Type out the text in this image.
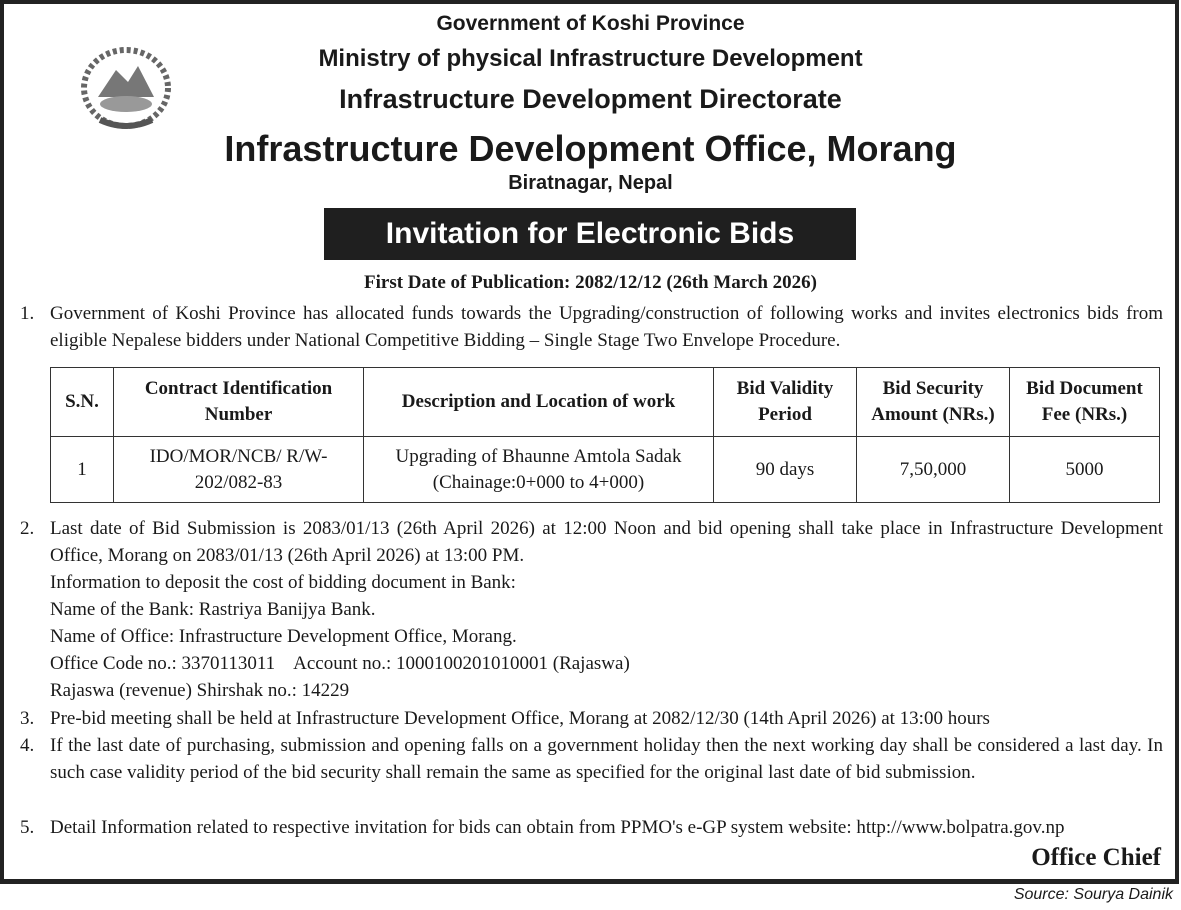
Government of Koshi Province
Ministry of physical Infrastructure Development
Infrastructure Development Directorate
Infrastructure Development Office, Morang
Biratnagar, Nepal
Invitation for Electronic Bids
First Date of Publication: 2082/12/12 (26th March 2026)
1. Government of Koshi Province has allocated funds towards the Upgrading/construction of following works and invites electronics bids from eligible Nepalese bidders under National Competitive Bidding – Single Stage Two Envelope Procedure.
S.N.	Contract Identification Number	Description and Location of work	Bid Validity Period	Bid Security Amount (NRs.)	Bid Document Fee (NRs.)
1	IDO/MOR/NCB/ R/W-202/082-83	Upgrading of Bhaunne Amtola Sadak (Chainage:0+000 to 4+000)	90 days	7,50,000	5000
2. Last date of Bid Submission is 2083/01/13 (26th April 2026) at 12:00 Noon and bid opening shall take place in Infrastructure Development Office, Morang on 2083/01/13 (26th April 2026) at 13:00 PM.
Information to deposit the cost of bidding document in Bank:
Name of the Bank: Rastriya Banijya Bank.
Name of Office: Infrastructure Development Office, Morang.
Office Code no.: 3370113011    Account no.: 1000100201010001 (Rajaswa)
Rajaswa (revenue) Shirshak no.: 14229
3. Pre-bid meeting shall be held at Infrastructure Development Office, Morang at 2082/12/30 (14th April 2026) at 13:00 hours
4. If the last date of purchasing, submission and opening falls on a government holiday then the next working day shall be considered a last day. In such case validity period of the bid security shall remain the same as specified for the original last date of bid submission.
5. Detail Information related to respective invitation for bids can obtain from PPMO's e-GP system website: http://www.bolpatra.gov.np
Office Chief
Source: Sourya Dainik
